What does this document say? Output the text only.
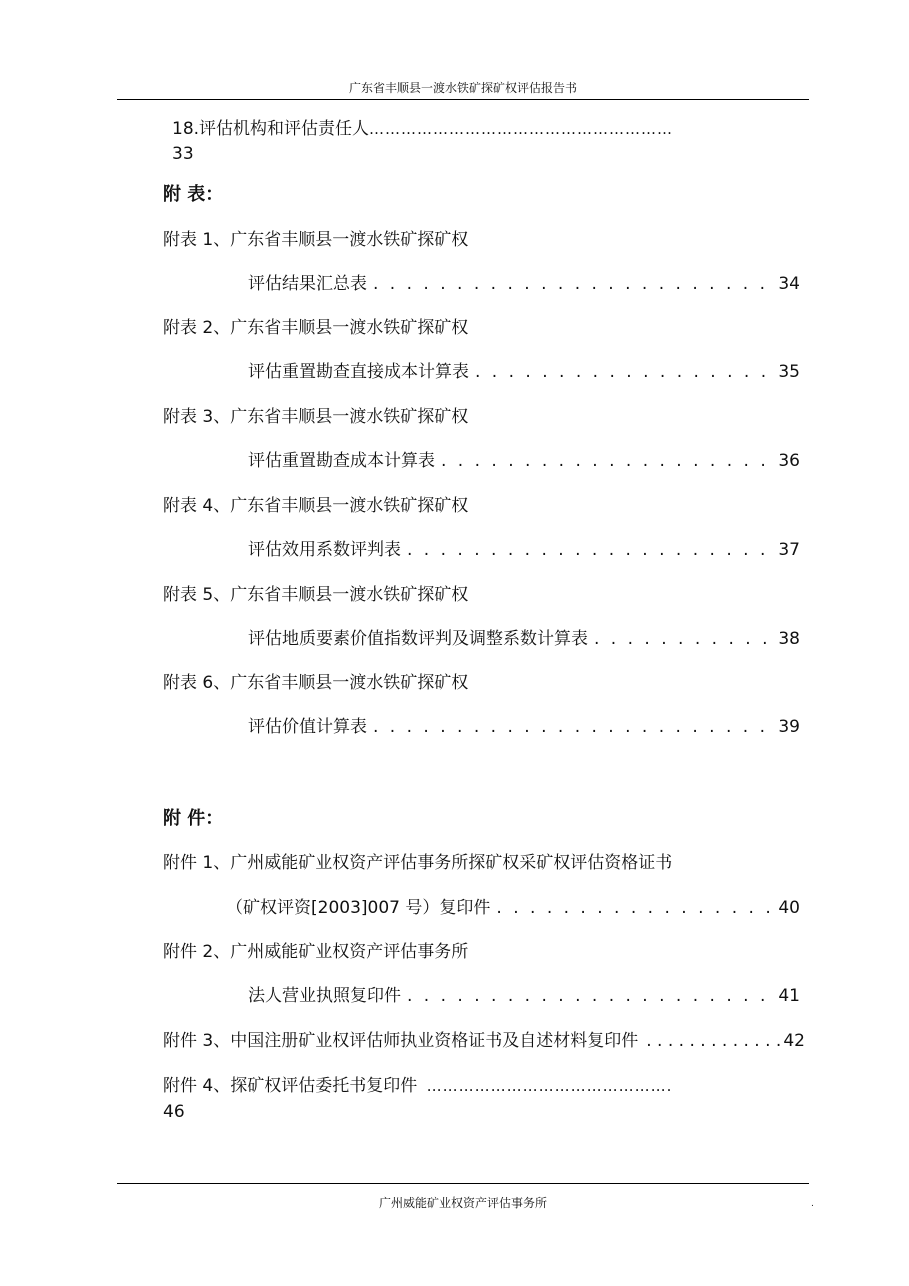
广东省丰顺县一渡水铁矿探矿权评估报告书
18.评估机构和评估责任人…………………………………………………
33
附 表：
附表 1、广东省丰顺县一渡水铁矿探矿权
评估结果汇总表 . . .	34
附表 2、广东省丰顺县一渡水铁矿探矿权
评估重置勘查直接成本计算表 . . .	35
附表 3、广东省丰顺县一渡水铁矿探矿权
评估重置勘查成本计算表 . . .	36
附表 4、广东省丰顺县一渡水铁矿探矿权
评估效用系数评判表 . . .	37
附表 5、广东省丰顺县一渡水铁矿探矿权
评估地质要素价值指数评判及调整系数计算表 . . .	38
附表 6、广东省丰顺县一渡水铁矿探矿权
评估价值计算表 . . .	39
附 件：
附件 1、广州威能矿业权资产评估事务所探矿权采矿权评估资格证书
（矿权评资[2003]007 号）复印件 . . .	40
附件 2、广州威能矿业权资产评估事务所
法人营业执照复印件 . . .	41
附件 3、 中国注册矿业权评估师执业资格证书及自述材料复印件 . . .	42
附件 4、探矿权评估委托书复印件 ……………………………………….
46
广州威能矿业权资产评估事务所	.
